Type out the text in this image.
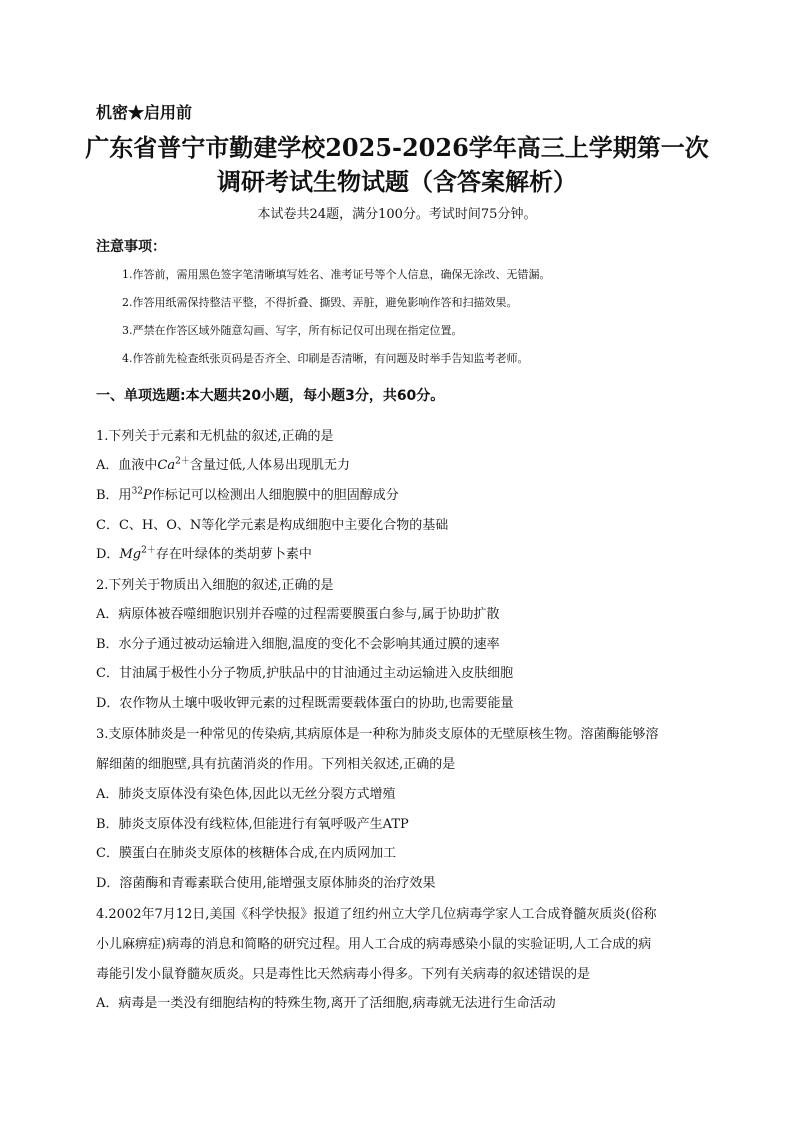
机密★启用前
广东省普宁市勤建学校2025-2026学年高三上学期第一次
调研考试生物试题（含答案解析）
本试卷共24题，满分100分。考试时间75分钟。
注意事项：
1.作答前，需用黑色签字笔清晰填写姓名、准考证号等个人信息，确保无涂改、无错漏。
2.作答用纸需保持整洁平整，不得折叠、撕毁、弄脏，避免影响作答和扫描效果。
3.严禁在作答区域外随意勾画、写字，所有标记仅可出现在指定位置。
4.作答前先检查纸张页码是否齐全、印刷是否清晰，有问题及时举手告知监考老师。
一、单项选题:本大题共20小题，每小题3分，共60分。
1.下列关于元素和无机盐的叙述,正确的是
A．血液中$Ca^{2+}$含量过低,人体易出现肌无力
B．用$^{32}$P作标记可以检测出人细胞膜中的胆固醇成分
C．C、H、O、N等化学元素是构成细胞中主要化合物的基础
D．$Mg^{2+}$存在叶绿体的类胡萝卜素中
2.下列关于物质出入细胞的叙述,正确的是
A．病原体被吞噬细胞识别并吞噬的过程需要膜蛋白参与,属于协助扩散
B．水分子通过被动运输进入细胞,温度的变化不会影响其通过膜的速率
C．甘油属于极性小分子物质,护肤品中的甘油通过主动运输进入皮肤细胞
D．农作物从土壤中吸收钾元素的过程既需要载体蛋白的协助,也需要能量
3.支原体肺炎是一种常见的传染病,其病原体是一种称为肺炎支原体的无壁原核生物。溶菌酶能够溶
解细菌的细胞壁,具有抗菌消炎的作用。下列相关叙述,正确的是
A．肺炎支原体没有染色体,因此以无丝分裂方式增殖
B．肺炎支原体没有线粒体,但能进行有氧呼吸产生ATP
C．膜蛋白在肺炎支原体的核糖体合成,在内质网加工
D．溶菌酶和青霉素联合使用,能增强支原体肺炎的治疗效果
4.2002年7月12日,美国《科学快报》报道了纽约州立大学几位病毒学家人工合成脊髓灰质炎(俗称
小儿麻痹症)病毒的消息和简略的研究过程。用人工合成的病毒感染小鼠的实验证明,人工合成的病
毒能引发小鼠脊髓灰质炎。只是毒性比天然病毒小得多。下列有关病毒的叙述错误的是
A．病毒是一类没有细胞结构的特殊生物,离开了活细胞,病毒就无法进行生命活动
